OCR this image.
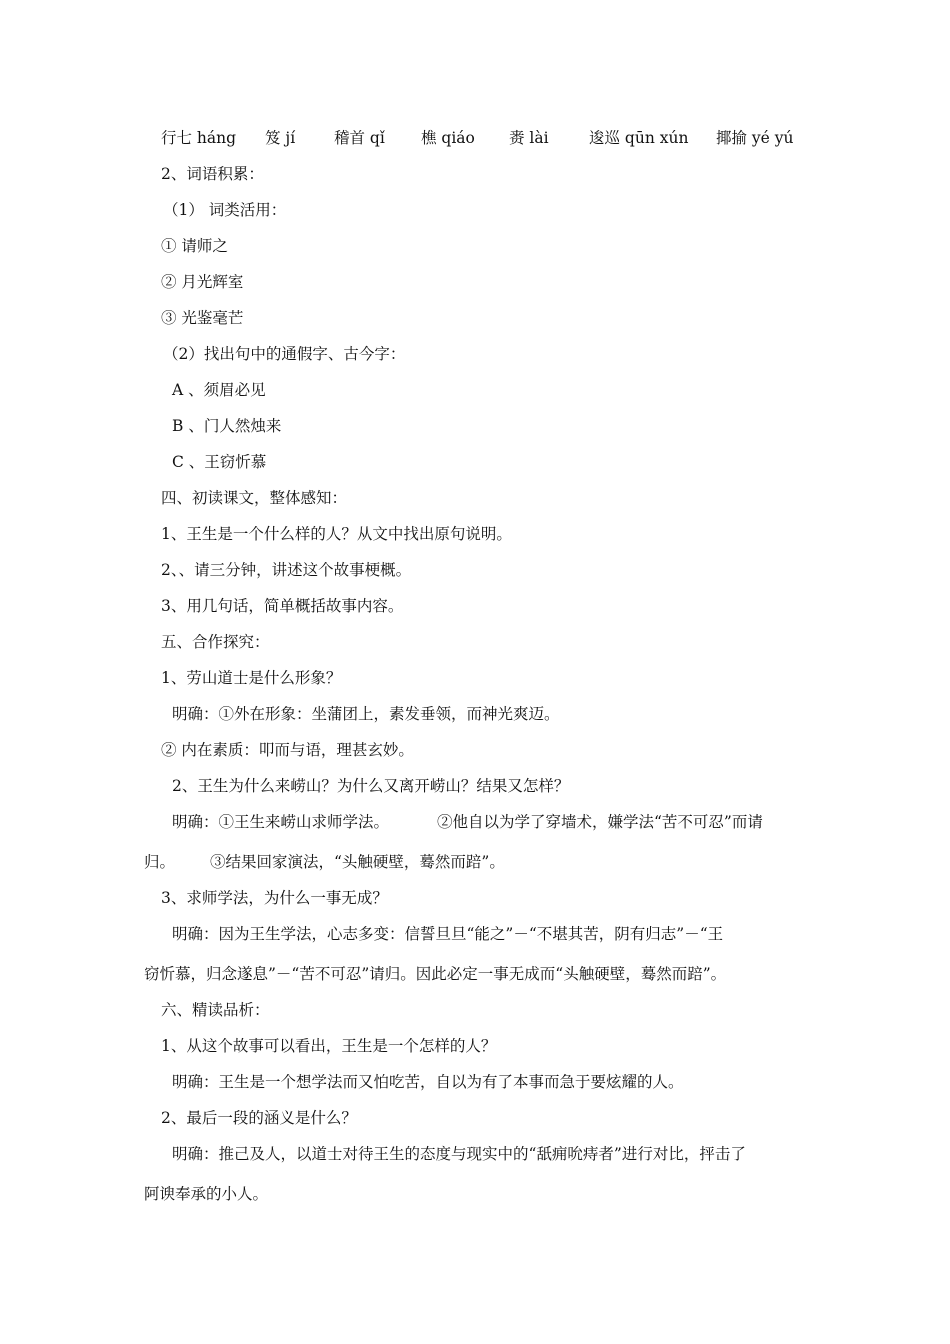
行七 háng 笈 jí	稽首 qǐ 樵 qiáo 赉 lài	逡巡 qūn xún 揶揄 yé yú
2、词语积累：
（1） 词类活用：
① 请师之
② 月光辉室
③ 光鉴毫芒
（2）找出句中的通假字、古今字：
A 、须眉必见
B 、门人然烛来
C 、王窃忻慕
四、初读课文，整体感知：
1、王生是一个什么样的人？从文中找出原句说明。
2、、请三分钟，讲述这个故事梗概。
3、用几句话，简单概括故事内容。
五、合作探究：
1、劳山道士是什么形象？
明确：①外在形象：坐蒲团上，素发垂领，而神光爽迈。
② 内在素质：叩而与语，理甚玄妙。
2、王生为什么来崂山？为什么又离开崂山？结果又怎样？
明确：①王生来崂山求师学法。	②他自以为学了穿墙术，嫌学法“苦不可忍”而请
归。 ③结果回家演法，“头触硬壁，蓦然而踣”。
3、求师学法，为什么一事无成？
明确：因为王生学法，心志多变：信誓旦旦“能之”－“不堪其苦，阴有归志”－“王
窃忻慕，归念遂息”－“苦不可忍”请归。因此必定一事无成而“头触硬壁，蓦然而踣”。
六、精读品析：
1、从这个故事可以看出，王生是一个怎样的人？
明确：王生是一个想学法而又怕吃苦，自以为有了本事而急于要炫耀的人。
2、最后一段的涵义是什么？
明确：推己及人，以道士对待王生的态度与现实中的“舐痈吮痔者”进行对比，抨击了
阿谀奉承的小人。
